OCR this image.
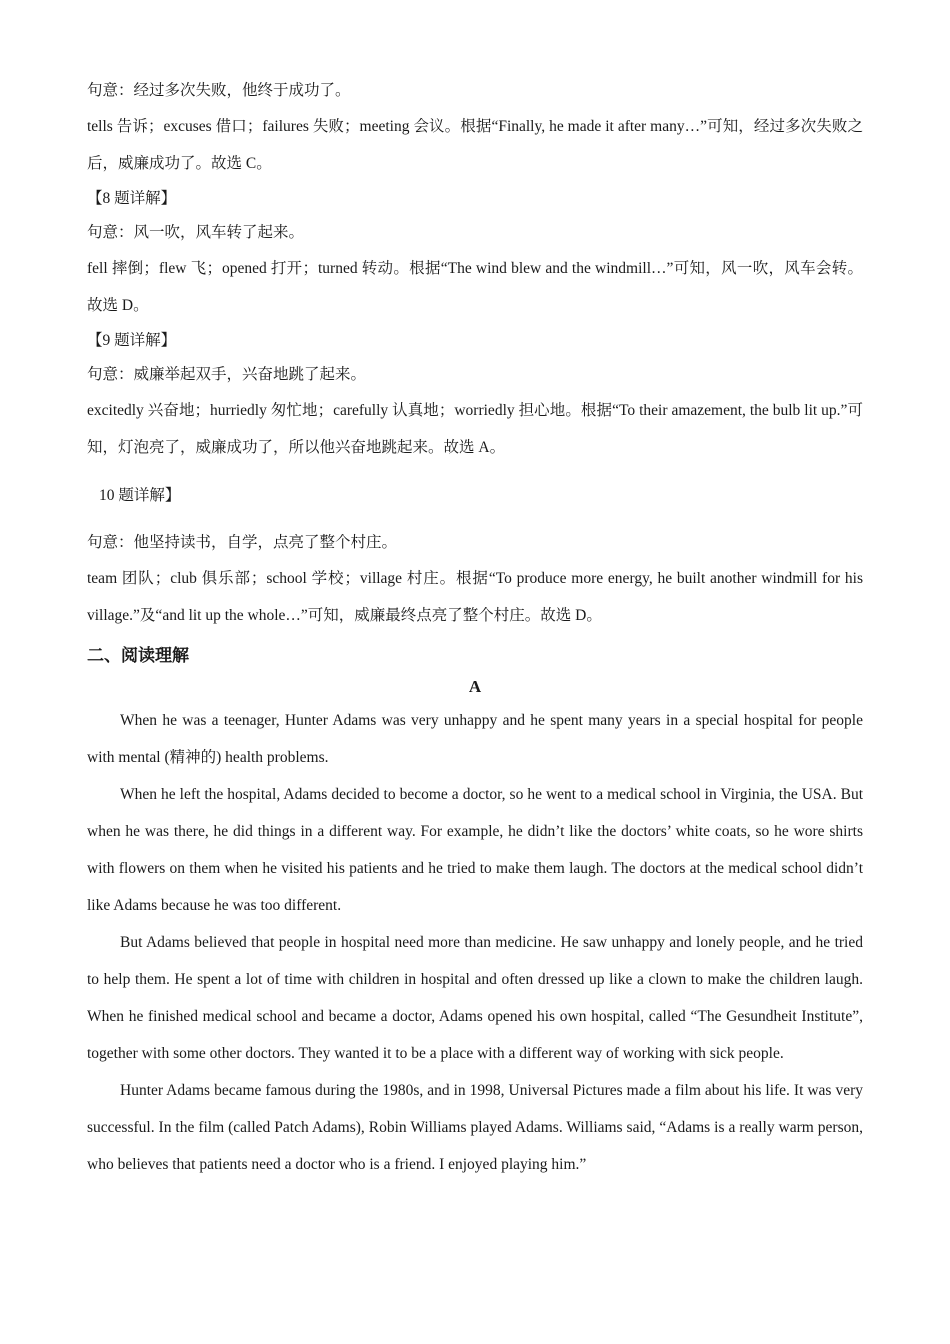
句意：经过多次失败，他终于成功了。

tells 告诉；excuses 借口；failures 失败；meeting 会议。根据“Finally, he made it after many…”可知，经过多次失败之后，威廉成功了。故选 C。

【8 题详解】

句意：风一吹，风车转了起来。

fell 摔倒；flew 飞；opened 打开；turned 转动。根据“The wind blew and the windmill…”可知，风一吹，风车会转。故选 D。

【9 题详解】

句意：威廉举起双手，兴奋地跳了起来。

excitedly 兴奋地；hurriedly 匆忙地；carefully 认真地；worriedly 担心地。根据“To their amazement, the bulb lit up.”可知，灯泡亮了，威廉成功了，所以他兴奋地跳起来。故选 A。

10 题详解】

句意：他坚持读书，自学，点亮了整个村庄。

team 团队；club 俱乐部；school 学校；village 村庄。根据“To produce more energy, he built another windmill for his village.”及“and lit up the whole…”可知，威廉最终点亮了整个村庄。故选 D。

二、阅读理解

A

When he was a teenager, Hunter Adams was very unhappy and he spent many years in a special hospital for people with mental (精神的) health problems.

When he left the hospital, Adams decided to become a doctor, so he went to a medical school in Virginia, the USA. But when he was there, he did things in a different way. For example, he didn’t like the doctors’ white coats, so he wore shirts with flowers on them when he visited his patients and he tried to make them laugh. The doctors at the medical school didn’t like Adams because he was too different.

But Adams believed that people in hospital need more than medicine. He saw unhappy and lonely people, and he tried to help them. He spent a lot of time with children in hospital and often dressed up like a clown to make the children laugh. When he finished medical school and became a doctor, Adams opened his own hospital, called “The Gesundheit Institute”, together with some other doctors. They wanted it to be a place with a different way of working with sick people.

Hunter Adams became famous during the 1980s, and in 1998, Universal Pictures made a film about his life. It was very successful. In the film (called Patch Adams), Robin Williams played Adams. Williams said, “Adams is a really warm person, who believes that patients need a doctor who is a friend. I enjoyed playing him.”
